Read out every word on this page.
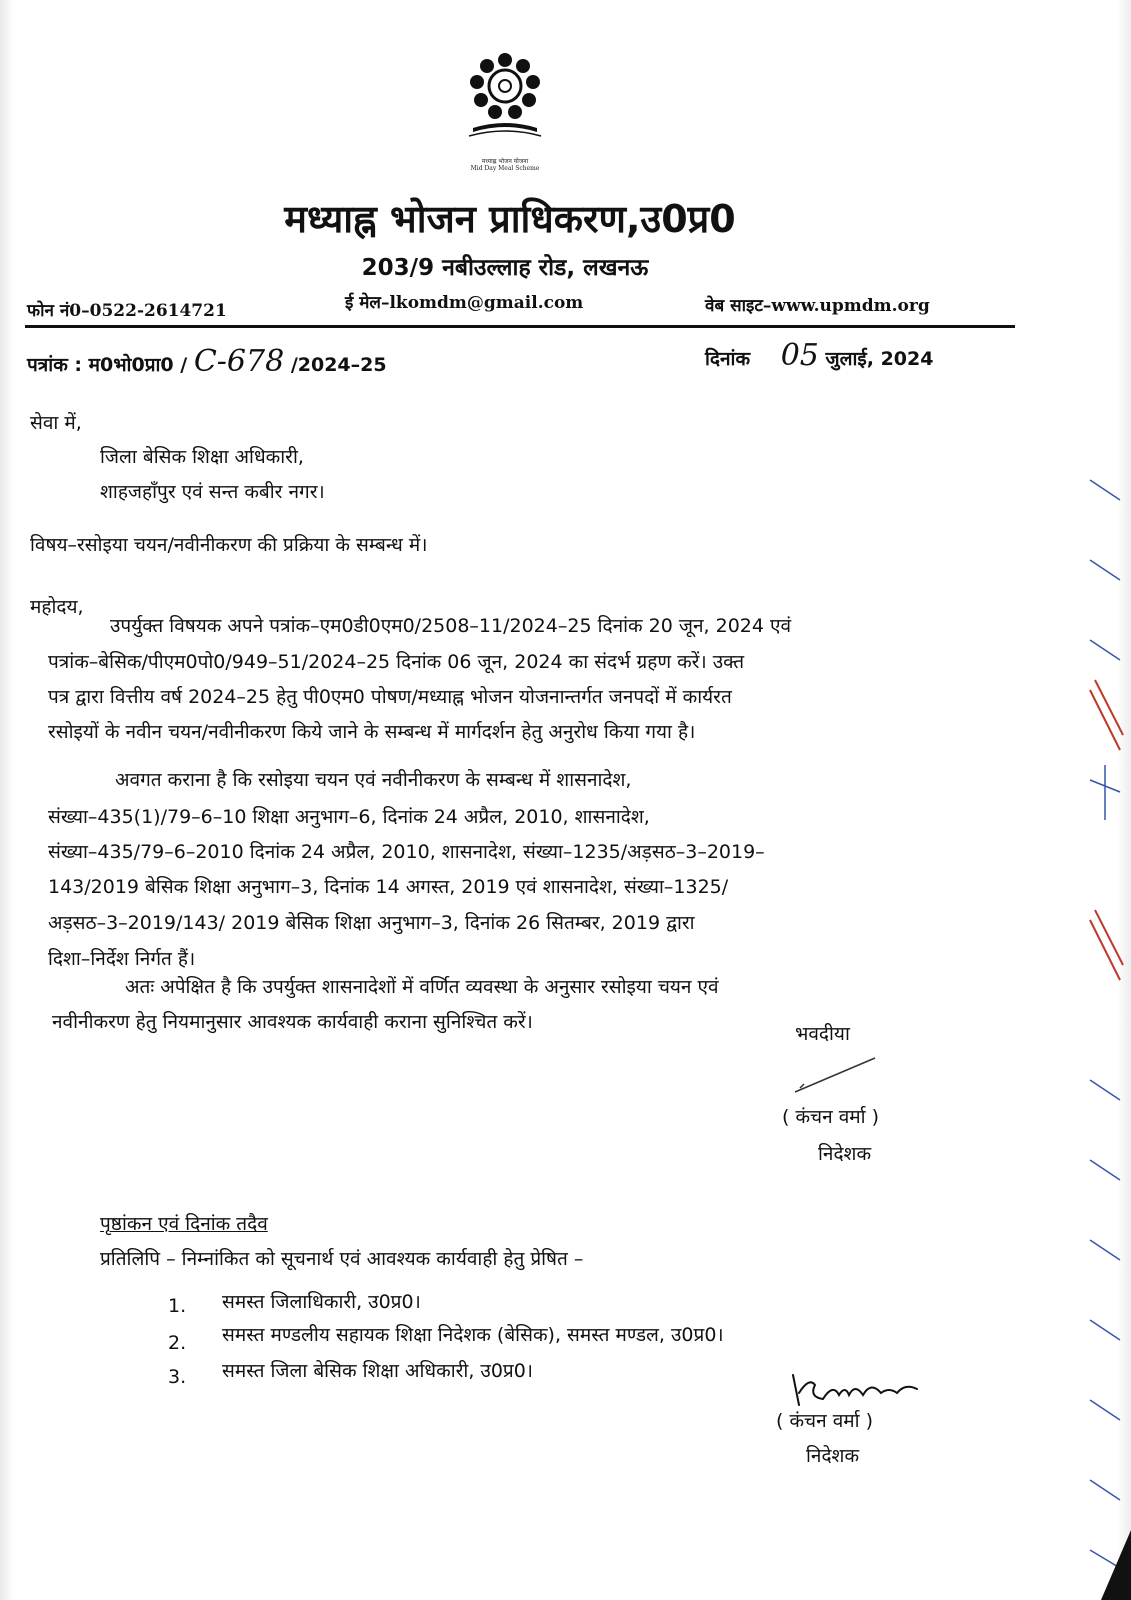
मध्याह्न भोजन योजना
Mid Day Meal Scheme
मध्याह्न भोजन प्राधिकरण,उ0प्र0
203/9 नबीउल्लाह रोड, लखनऊ
फोन नं0–0522-2614721	ई मेल–lkomdm@gmail.com	वेब साइट–www.upmdm.org
पत्रांक : म0भो0प्रा0 / C-678 /2024–25	दिनांक 05 जुलाई, 2024
सेवा में,
जिला बेसिक शिक्षा अधिकारी,
शाहजहाँपुर एवं सन्त कबीर नगर।
विषय–रसोइया चयन/नवीनीकरण की प्रक्रिया के सम्बन्ध में।
महोदय,
उपर्युक्त विषयक अपने पत्रांक–एम0डी0एम0/2508–11/2024–25 दिनांक 20 जून, 2024 एवं
पत्रांक–बेसिक/पीएम0पो0/949–51/2024–25 दिनांक 06 जून, 2024 का संदर्भ ग्रहण करें। उक्त
पत्र द्वारा वित्तीय वर्ष 2024–25 हेतु पी0एम0 पोषण/मध्याह्न भोजन योजनान्तर्गत जनपदों में कार्यरत
रसोइयों के नवीन चयन/नवीनीकरण किये जाने के सम्बन्ध में मार्गदर्शन हेतु अनुरोध किया गया है।
अवगत कराना है कि रसोइया चयन एवं नवीनीकरण के सम्बन्ध में शासनादेश,
संख्या–435(1)/79–6–10 शिक्षा अनुभाग–6, दिनांक 24 अप्रैल, 2010, शासनादेश,
संख्या–435/79–6–2010 दिनांक 24 अप्रैल, 2010, शासनादेश, संख्या–1235/अड़सठ–3–2019–
143/2019 बेसिक शिक्षा अनुभाग–3, दिनांक 14 अगस्त, 2019 एवं शासनादेश, संख्या–1325/
अड़सठ–3–2019/143/ 2019 बेसिक शिक्षा अनुभाग–3, दिनांक 26 सितम्बर, 2019 द्वारा
दिशा–निर्देश निर्गत हैं।
अतः अपेक्षित है कि उपर्युक्त शासनादेशों में वर्णित व्यवस्था के अनुसार रसोइया चयन एवं
नवीनीकरण हेतु नियमानुसार आवश्यक कार्यवाही कराना सुनिश्चित करें।
भवदीया
( कंचन वर्मा )
निदेशक
पृष्ठांकन एवं दिनांक तदैव
प्रतिलिपि – निम्नांकित को सूचनार्थ एवं आवश्यक कार्यवाही हेतु प्रेषित –
1. समस्त जिलाधिकारी, उ0प्र0।
2. समस्त मण्डलीय सहायक शिक्षा निदेशक (बेसिक), समस्त मण्डल, उ0प्र0।
3. समस्त जिला बेसिक शिक्षा अधिकारी, उ0प्र0।
( कंचन वर्मा )
निदेशक
